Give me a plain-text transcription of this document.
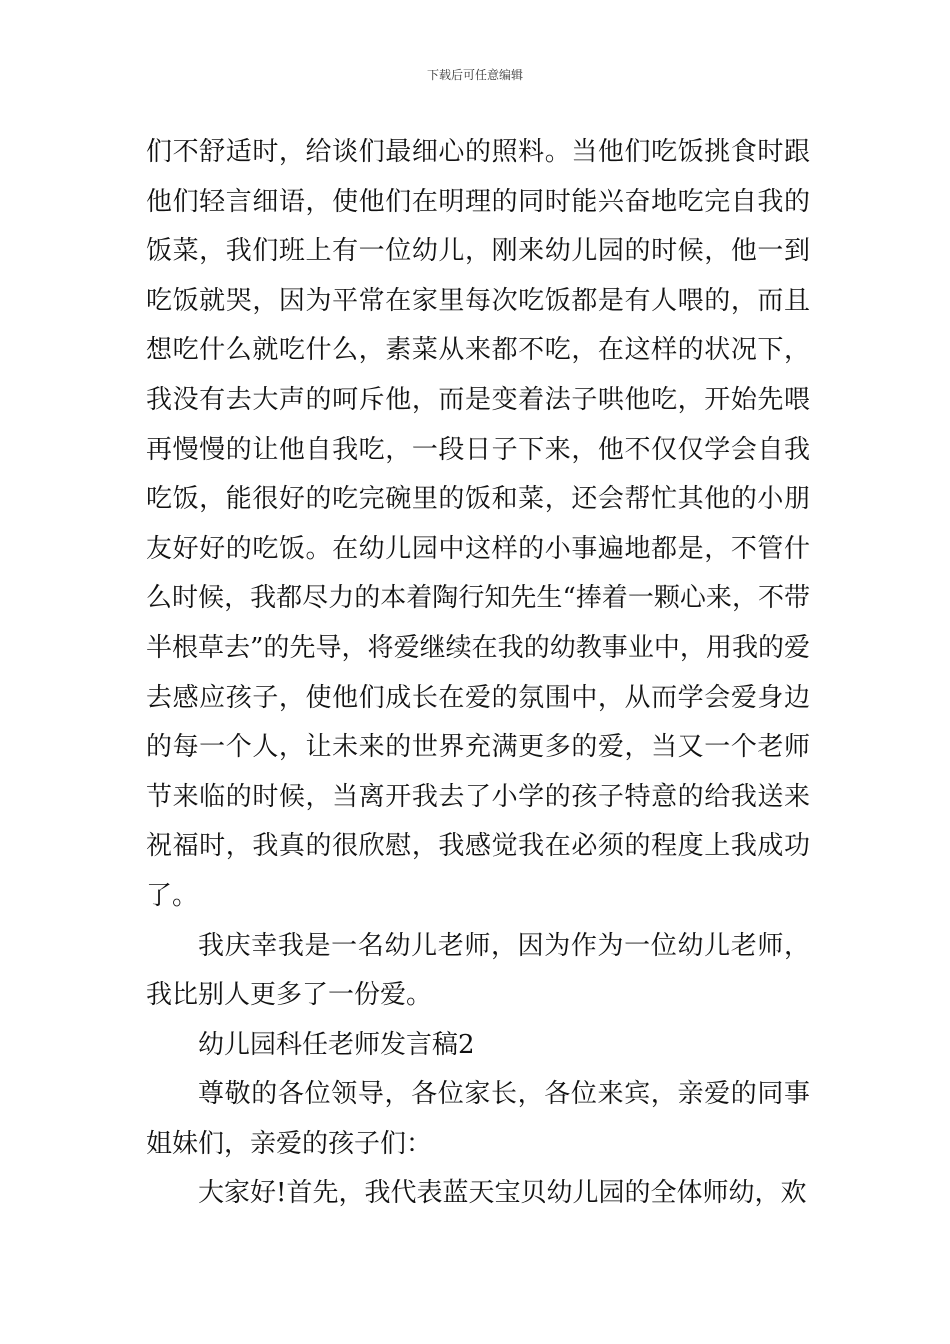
下载后可任意编辑

们不舒适时，给谈们最细心的照料。当他们吃饭挑食时跟他们轻言细语，使他们在明理的同时能兴奋地吃完自我的饭菜，我们班上有一位幼儿，刚来幼儿园的时候，他一到吃饭就哭，因为平常在家里每次吃饭都是有人喂的，而且想吃什么就吃什么，素菜从来都不吃，在这样的状况下，我没有去大声的呵斥他，而是变着法子哄他吃，开始先喂再慢慢的让他自我吃，一段日子下来，他不仅仅学会自我吃饭，能很好的吃完碗里的饭和菜，还会帮忙其他的小朋友好好的吃饭。在幼儿园中这样的小事遍地都是，不管什么时候，我都尽力的本着陶行知先生“捧着一颗心来，不带半根草去”的先导，将爱继续在我的幼教事业中，用我的爱去感应孩子，使他们成长在爱的氛围中，从而学会爱身边的每一个人，让未来的世界充满更多的爱，当又一个老师节来临的时候，当离开我去了小学的孩子特意的给我送来祝福时，我真的很欣慰，我感觉我在必须的程度上我成功了。

我庆幸我是一名幼儿老师，因为作为一位幼儿老师，我比别人更多了一份爱。

幼儿园科任老师发言稿2

尊敬的各位领导，各位家长，各位来宾，亲爱的同事姐妹们，亲爱的孩子们：

大家好!首先，我代表蓝天宝贝幼儿园的全体师幼，欢
